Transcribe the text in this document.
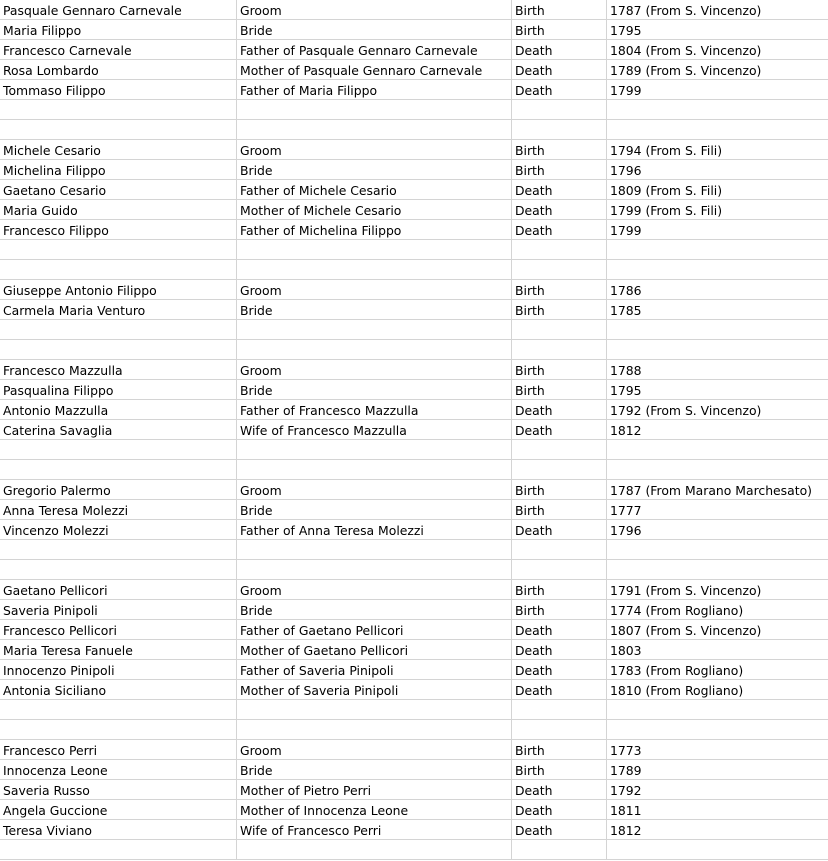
Pasquale Gennaro Carnevale	Groom	Birth	1787 (From S. Vincenzo)
Maria Filippo	Bride	Birth	1795
Francesco Carnevale	Father of Pasquale Gennaro Carnevale	Death	1804 (From S. Vincenzo)
Rosa Lombardo	Mother of Pasquale Gennaro Carnevale	Death	1789 (From S. Vincenzo)
Tommaso Filippo	Father of Maria Filippo	Death	1799
Michele Cesario	Groom	Birth	1794 (From S. Fili)
Michelina Filippo	Bride	Birth	1796
Gaetano Cesario	Father of Michele Cesario	Death	1809 (From S. Fili)
Maria Guido	Mother of Michele Cesario	Death	1799 (From S. Fili)
Francesco Filippo	Father of Michelina Filippo	Death	1799
Giuseppe Antonio Filippo	Groom	Birth	1786
Carmela Maria Venturo	Bride	Birth	1785
Francesco Mazzulla	Groom	Birth	1788
Pasqualina Filippo	Bride	Birth	1795
Antonio Mazzulla	Father of Francesco Mazzulla	Death	1792 (From S. Vincenzo)
Caterina Savaglia	Wife of Francesco Mazzulla	Death	1812
Gregorio Palermo	Groom	Birth	1787 (From Marano Marchesato)
Anna Teresa Molezzi	Bride	Birth	1777
Vincenzo Molezzi	Father of Anna Teresa Molezzi	Death	1796
Gaetano Pellicori	Groom	Birth	1791 (From S. Vincenzo)
Saveria Pinipoli	Bride	Birth	1774 (From Rogliano)
Francesco Pellicori	Father of Gaetano Pellicori	Death	1807 (From S. Vincenzo)
Maria Teresa Fanuele	Mother of Gaetano Pellicori	Death	1803
Innocenzo Pinipoli	Father of Saveria Pinipoli	Death	1783 (From Rogliano)
Antonia Siciliano	Mother of Saveria Pinipoli	Death	1810 (From Rogliano)
Francesco Perri	Groom	Birth	1773
Innocenza Leone	Bride	Birth	1789
Saveria Russo	Mother of Pietro Perri	Death	1792
Angela Guccione	Mother of Innocenza Leone	Death	1811
Teresa Viviano	Wife of Francesco Perri	Death	1812
